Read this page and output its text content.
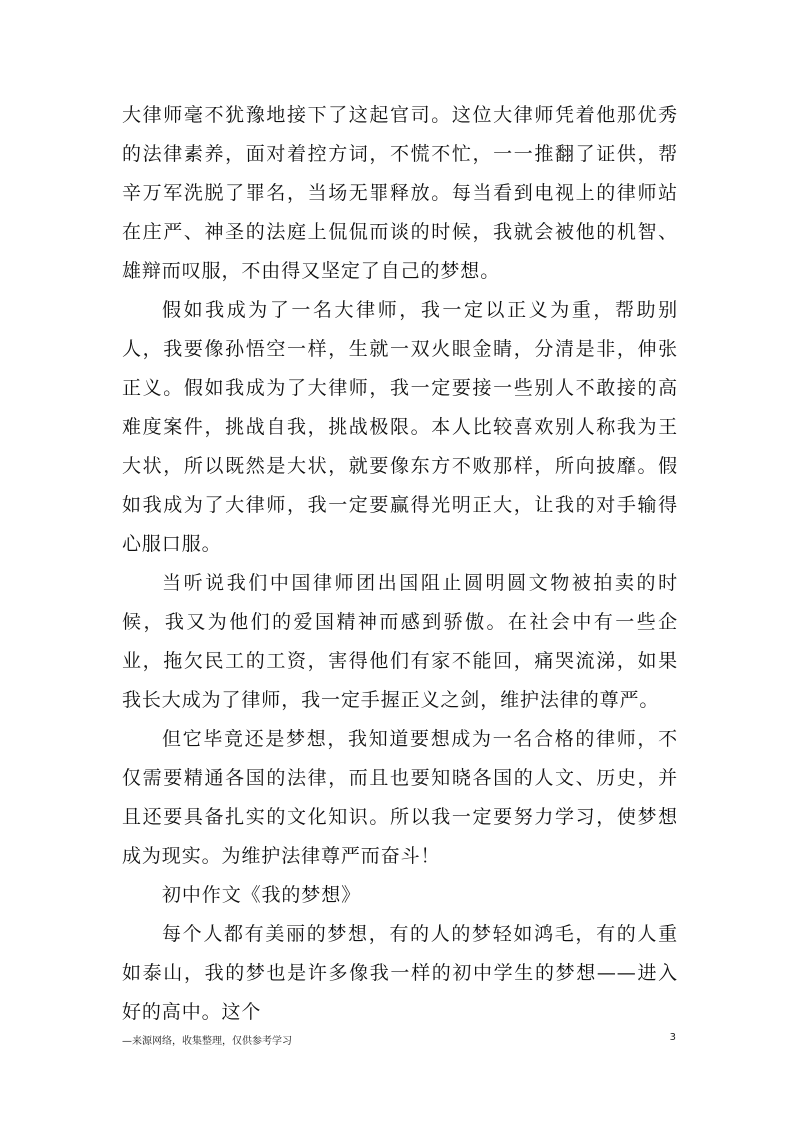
大律师毫不犹豫地接下了这起官司。这位大律师凭着他那优秀的法律素养，面对着控方词，不慌不忙，一一推翻了证供，帮辛万军洗脱了罪名，当场无罪释放。每当看到电视上的律师站在庄严、神圣的法庭上侃侃而谈的时候，我就会被他的机智、雄辩而叹服，不由得又坚定了自己的梦想。

假如我成为了一名大律师，我一定以正义为重，帮助别人，我要像孙悟空一样，生就一双火眼金睛，分清是非，伸张正义。假如我成为了大律师，我一定要接一些别人不敢接的高难度案件，挑战自我，挑战极限。本人比较喜欢别人称我为王大状，所以既然是大状，就要像东方不败那样，所向披靡。假如我成为了大律师，我一定要赢得光明正大，让我的对手输得心服口服。

当听说我们中国律师团出国阻止圆明圆文物被拍卖的时候，我又为他们的爱国精神而感到骄傲。在社会中有一些企业，拖欠民工的工资，害得他们有家不能回，痛哭流涕，如果我长大成为了律师，我一定手握正义之剑，维护法律的尊严。

但它毕竟还是梦想，我知道要想成为一名合格的律师，不仅需要精通各国的法律，而且也要知晓各国的人文、历史，并且还要具备扎实的文化知识。所以我一定要努力学习，使梦想成为现实。为维护法律尊严而奋斗！

初中作文《我的梦想》

每个人都有美丽的梦想，有的人的梦轻如鸿毛，有的人重如泰山，我的梦也是许多像我一样的初中学生的梦想——进入好的高中。这个

—来源网络，收集整理，仅供参考学习	3
